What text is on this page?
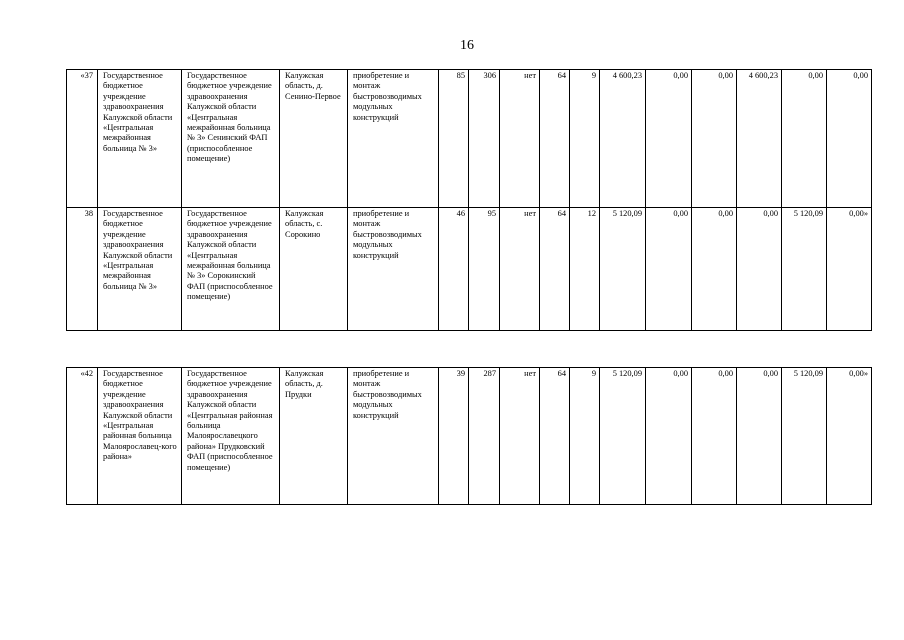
16
«37	Государственное бюджетное учреждение здравоохранения Калужской области «Центральная межрайонная больница № 3»	Государственное бюджетное учреждение здравоохранения Калужской области «Центральная межрайонная больница № 3» Сенинский ФАП (приспособленное помещение)	Калужская область, д. Сенино-Первое	приобретение и монтаж быстровозводимых модульных конструкций	85	306	нет	64	9	4 600,23	0,00	0,00	4 600,23	0,00	0,00
38	Государственное бюджетное учреждение здравоохранения Калужской области «Центральная межрайонная больница № 3»	Государственное бюджетное учреждение здравоохранения Калужской области «Центральная межрайонная больница № 3» Сорокинский ФАП (приспособленное помещение)	Калужская область, с. Сорокино	приобретение и монтаж быстровозводимых модульных конструкций	46	95	нет	64	12	5 120,09	0,00	0,00	0,00	5 120,09	0,00»
«42	Государственное бюджетное учреждение здравоохранения Калужской области «Центральная районная больница Малоярославец-кого района»	Государственное бюджетное учреждение здравоохранения Калужской области «Центральная районная больница Малоярославецкого района» Прудковский ФАП (приспособленное помещение)	Калужская область, д. Прудки	приобретение и монтаж быстровозводимых модульных конструкций	39	287	нет	64	9	5 120,09	0,00	0,00	0,00	5 120,09	0,00»
